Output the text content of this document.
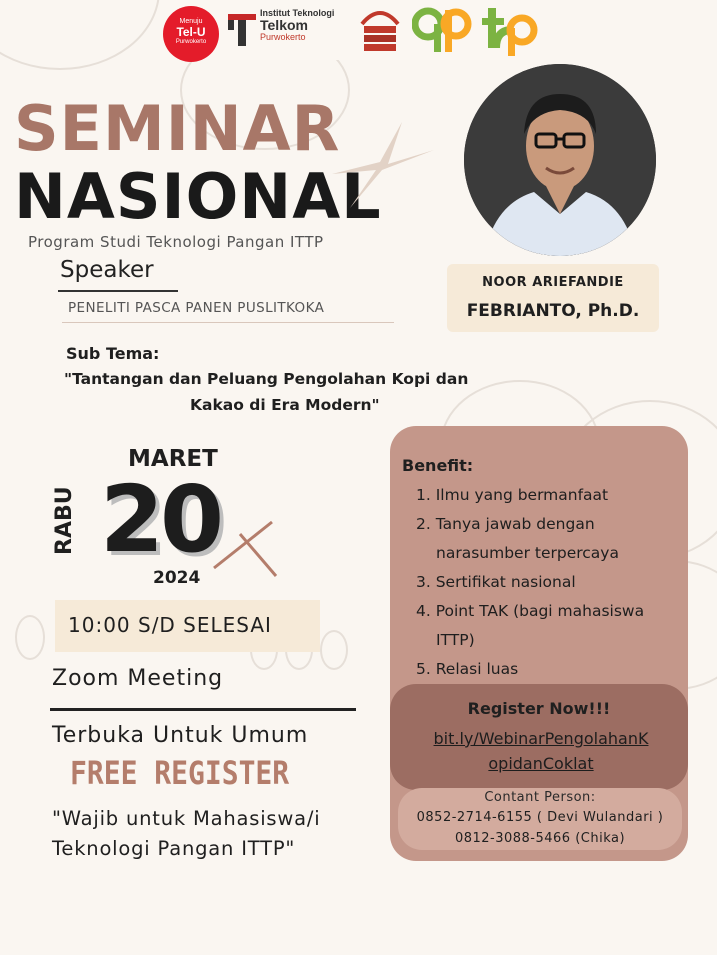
Menuju
Tel-U
Purwokerto
Institut Teknologi
Telkom
Purwokerto
SEMINAR
NASIONAL
Program Studi Teknologi Pangan ITTP
Speaker
PENELITI PASCA PANEN PUSLITKOKA
NOOR ARIEFANDIE
FEBRIANTO, Ph.D.
Sub Tema:
"Tantangan dan Peluang Pengolahan Kopi dan
Kakao di Era Modern"
RABU
MARET
20
2024
10:00 S/D SELESAI
Zoom Meeting
Terbuka Untuk Umum
FREE REGISTER
"Wajib untuk Mahasiswa/i
Teknologi Pangan ITTP"
Benefit:
1. Ilmu yang bermanfaat
2. Tanya jawab dengan narasumber terpercaya
3. Sertifikat nasional
4. Point TAK (bagi mahasiswa ITTP)
5. Relasi luas
Register Now!!!
bit.ly/WebinarPengolahanK
opidanCoklat
Contant Person:
0852-2714-6155 ( Devi Wulandari )
0812-3088-5466 (Chika)
